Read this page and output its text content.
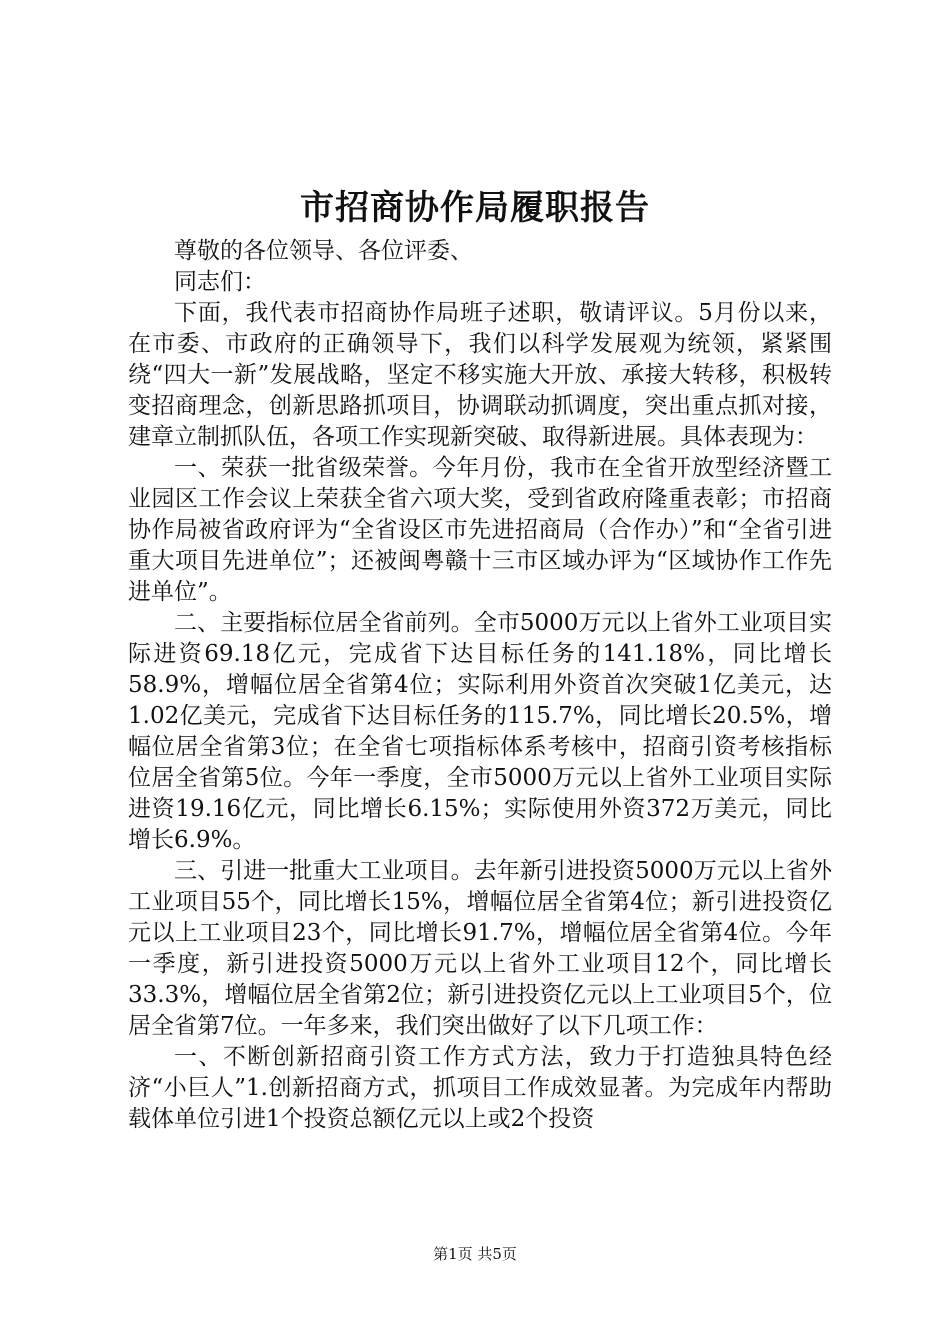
市招商协作局履职报告

尊敬的各位领导、各位评委、

同志们：

下面，我代表市招商协作局班子述职，敬请评议。5月份以来，在市委、市政府的正确领导下，我们以科学发展观为统领，紧紧围绕“四大一新”发展战略，坚定不移实施大开放、承接大转移，积极转变招商理念，创新思路抓项目，协调联动抓调度，突出重点抓对接，建章立制抓队伍，各项工作实现新突破、取得新进展。具体表现为：

一、荣获一批省级荣誉。今年月份，我市在全省开放型经济暨工业园区工作会议上荣获全省六项大奖，受到省政府隆重表彰；市招商协作局被省政府评为“全省设区市先进招商局（合作办）”和“全省引进重大项目先进单位”；还被闽粤赣十三市区域办评为“区域协作工作先进单位”。

二、主要指标位居全省前列。全市5000万元以上省外工业项目实际进资69.18亿元，完成省下达目标任务的141.18%，同比增长58.9%，增幅位居全省第4位；实际利用外资首次突破1亿美元，达1.02亿美元，完成省下达目标任务的115.7%，同比增长20.5%，增幅位居全省第3位；在全省七项指标体系考核中，招商引资考核指标位居全省第5位。今年一季度，全市5000万元以上省外工业项目实际进资19.16亿元，同比增长6.15%；实际使用外资372万美元，同比增长6.9%。

三、引进一批重大工业项目。去年新引进投资5000万元以上省外工业项目55个，同比增长15%，增幅位居全省第4位；新引进投资亿元以上工业项目23个，同比增长91.7%，增幅位居全省第4位。今年一季度，新引进投资5000万元以上省外工业项目12个，同比增长33.3%，增幅位居全省第2位；新引进投资亿元以上工业项目5个，位居全省第7位。一年多来，我们突出做好了以下几项工作：

一、不断创新招商引资工作方式方法，致力于打造独具特色经济“小巨人”1.创新招商方式，抓项目工作成效显著。为完成年内帮助载体单位引进1个投资总额亿元以上或2个投资

第1页 共5页
